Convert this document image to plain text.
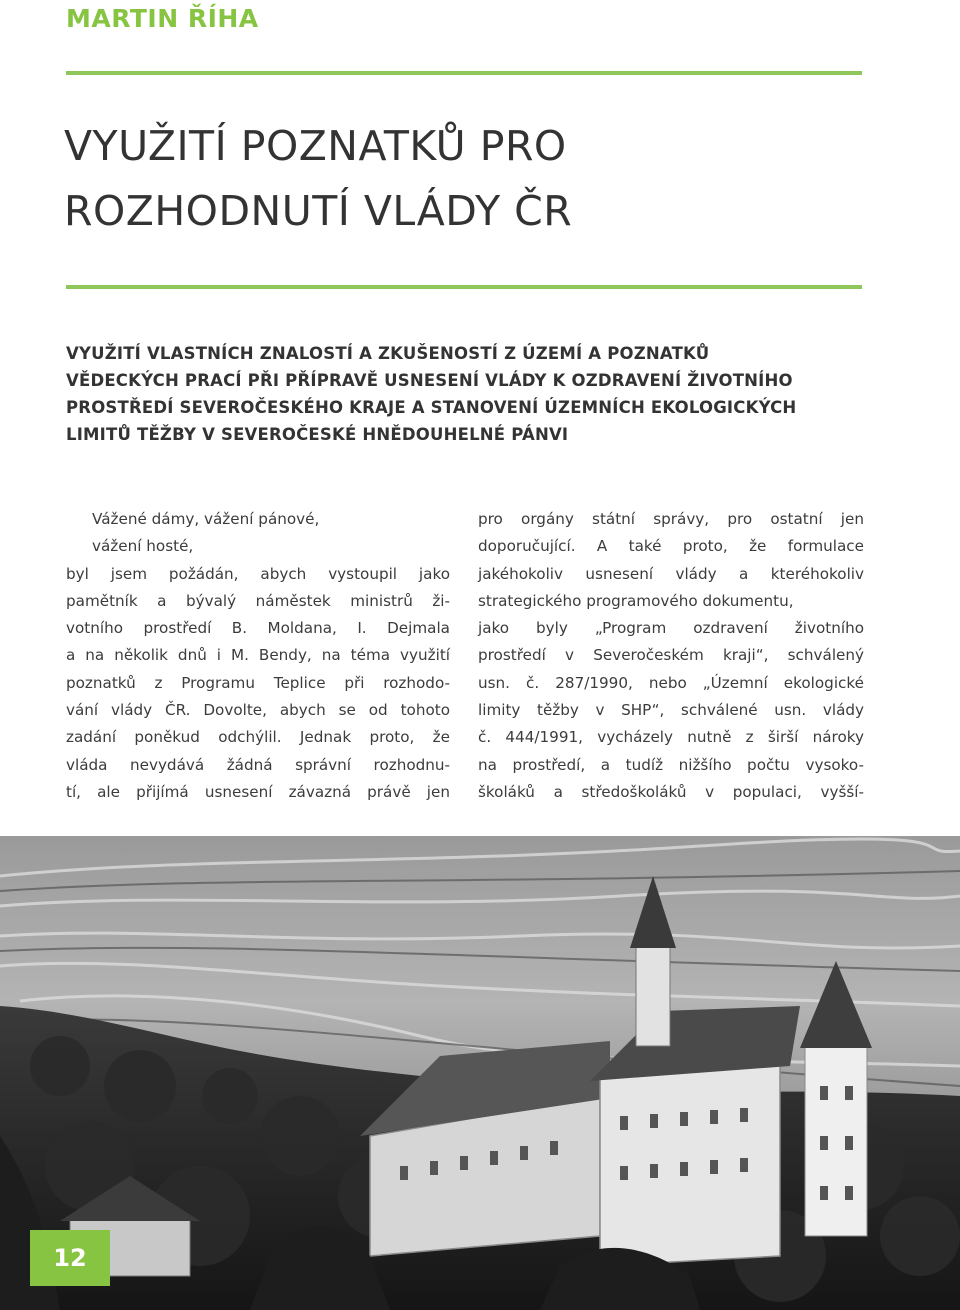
MARTIN ŘÍHA
VYUŽITÍ POZNATKŮ PRO
ROZHODNUTÍ VLÁDY ČR
VYUŽITÍ VLASTNÍCH ZNALOSTÍ A ZKUŠENOSTÍ Z ÚZEMÍ A POZNATKŮ
VĚDECKÝCH PRACÍ PŘI PŘÍPRAVĚ USNESENÍ VLÁDY K OZDRAVENÍ ŽIVOTNÍHO
PROSTŘEDÍ SEVEROČESKÉHO KRAJE A STANOVENÍ ÚZEMNÍCH EKOLOGICKÝCH
LIMITŮ TĚŽBY V SEVEROČESKÉ HNĚDOUHELNÉ PÁNVI
Vážené dámy, vážení pánové,
vážení hosté,
byl jsem požádán, abych vystoupil jako
pamětník a bývalý náměstek ministrů ži-
votního prostředí B. Moldana, I. Dejmala
a na několik dnů i M. Bendy, na téma využití
poznatků z Programu Teplice při rozhodo-
vání vlády ČR. Dovolte, abych se od tohoto
zadání poněkud odchýlil. Jednak proto, že
vláda nevydává žádná správní rozhodnu-
tí, ale přijímá usnesení závazná právě jen
pro orgány státní správy, pro ostatní jen
doporučující. A také proto, že formulace
jakéhokoliv usnesení vlády a kteréhokoliv
strategického programového dokumentu,
jako byly „Program ozdravení životního
prostředí v Severočeském kraji“, schválený
usn. č. 287/1990, nebo „Územní ekologické
limity těžby v SHP“, schválené usn. vlády
č. 444/1991, vycházely nutně z širší nároky
na prostředí, a tudíž nižšího počtu vysoko-
školáků a středoškoláků v populaci, vyšší-
12
